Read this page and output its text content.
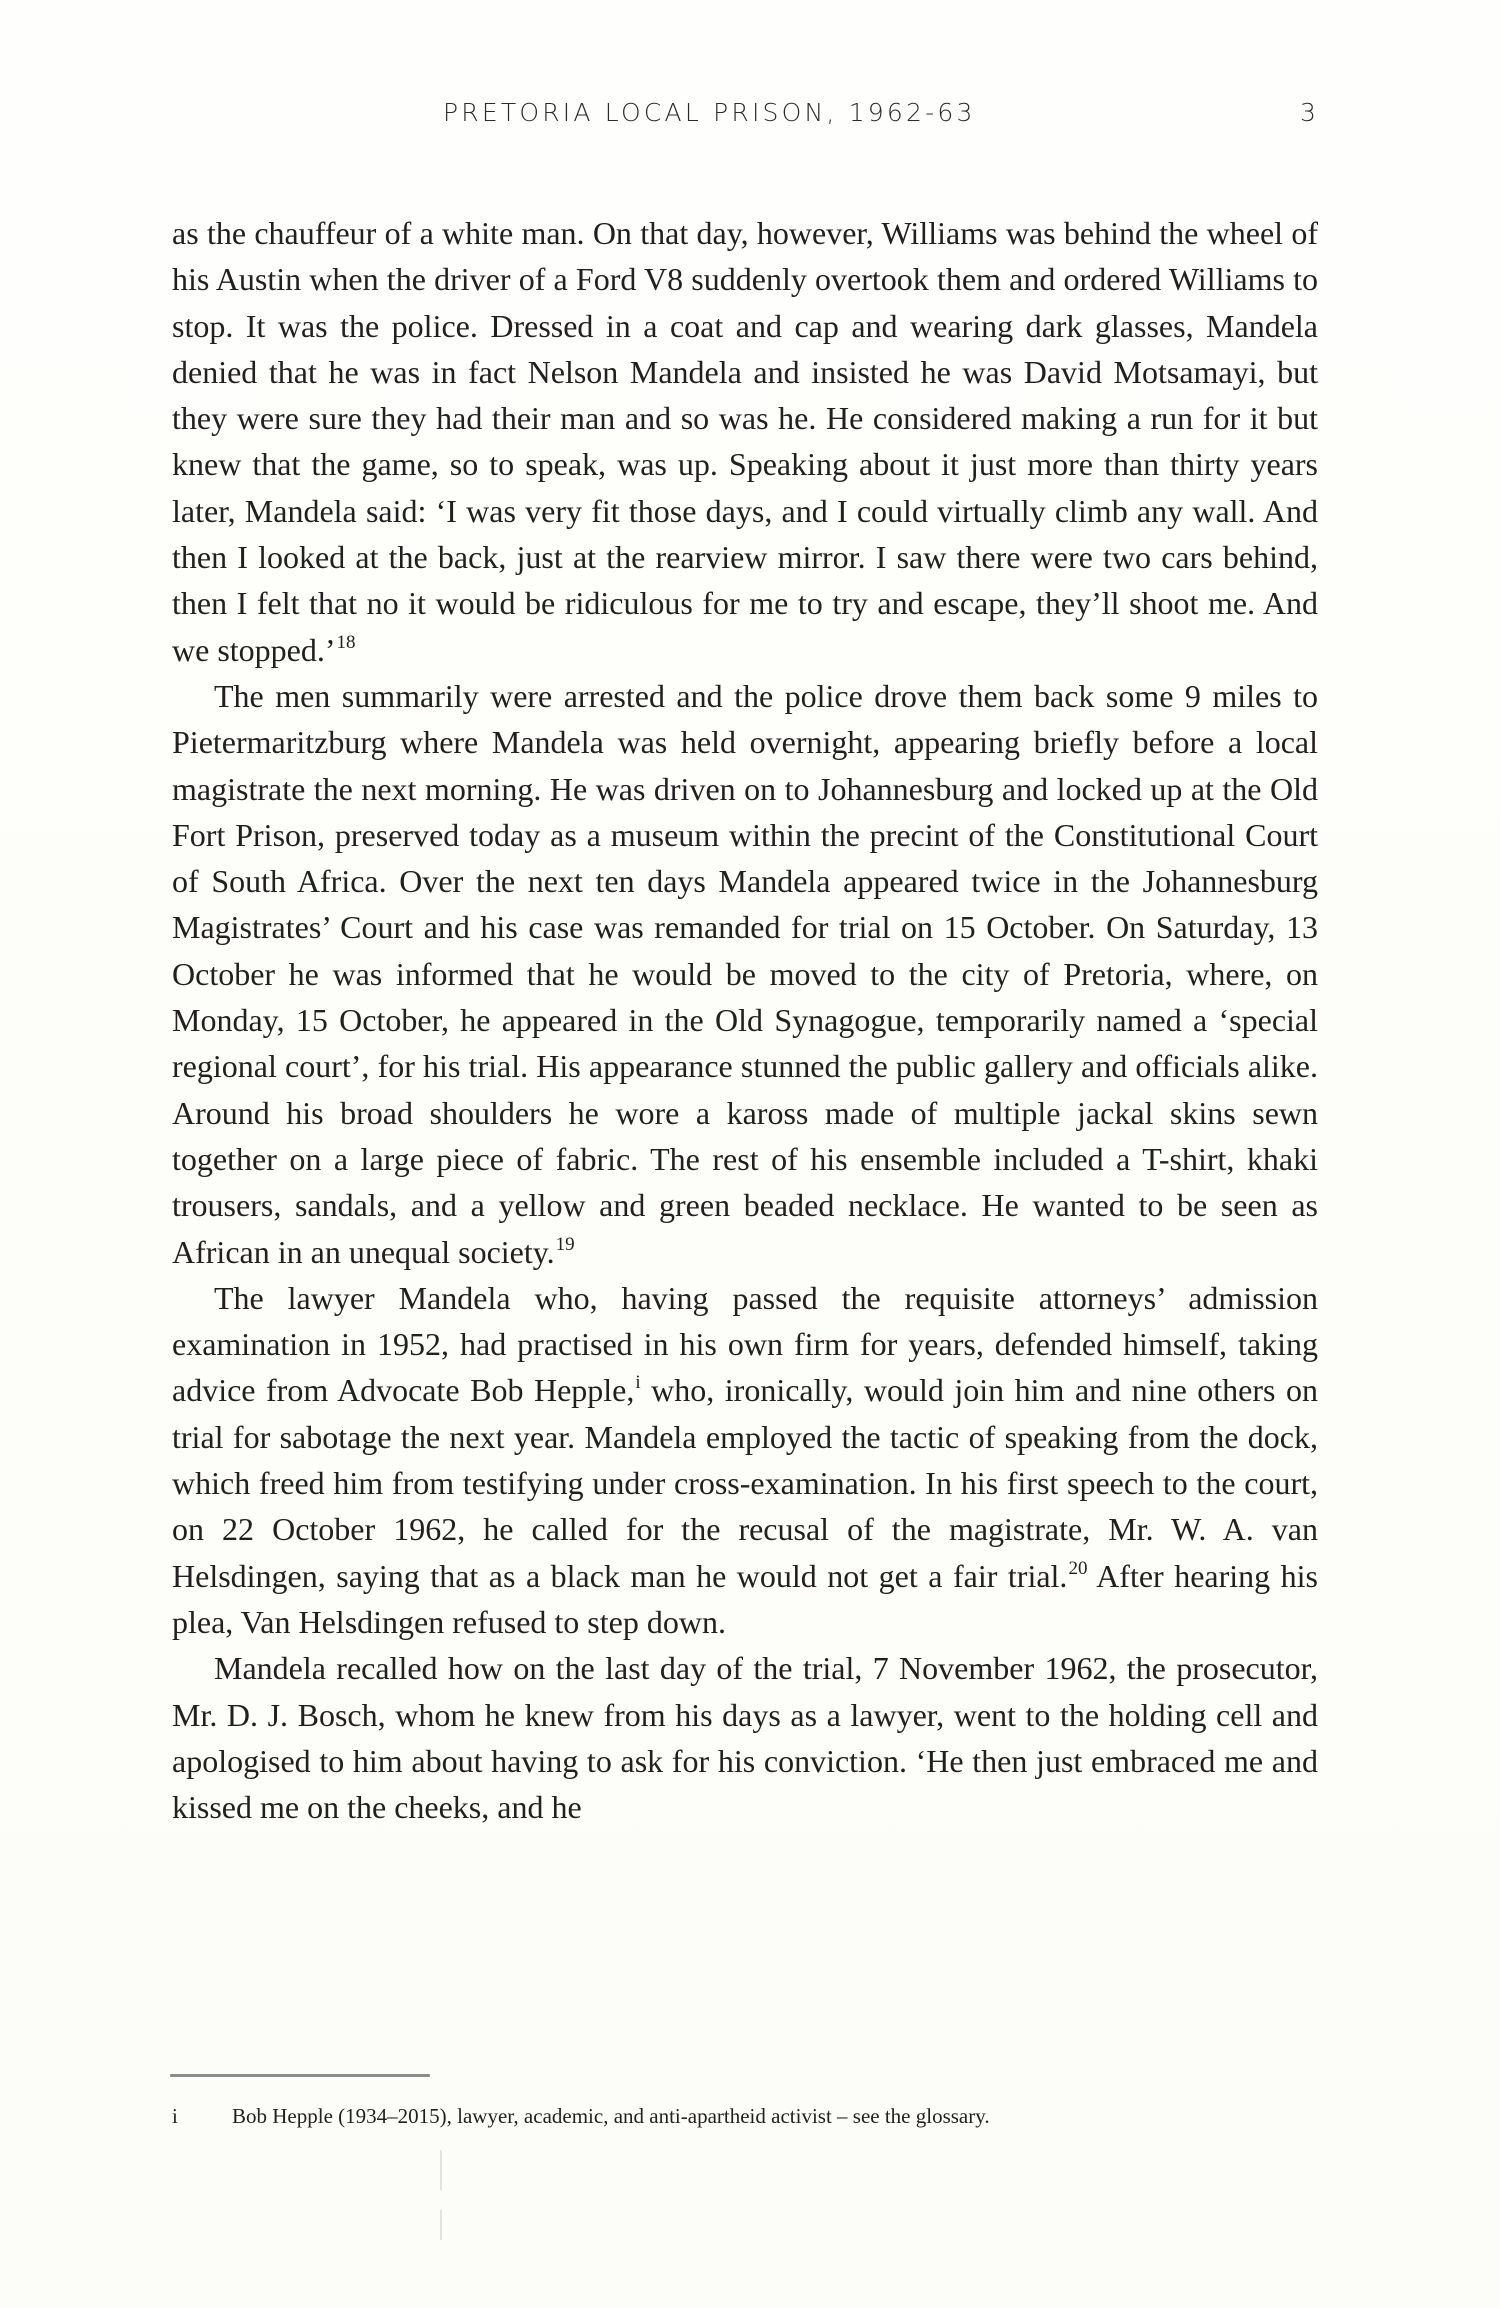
PRETORIA LOCAL PRISON, 1962-63	3

as the chauffeur of a white man. On that day, however, Williams was behind the wheel of his Austin when the driver of a Ford V8 suddenly overtook them and ordered Williams to stop. It was the police. Dressed in a coat and cap and wearing dark glasses, Mandela denied that he was in fact Nelson Mandela and insisted he was David Motsamayi, but they were sure they had their man and so was he. He considered making a run for it but knew that the game, so to speak, was up. Speaking about it just more than thirty years later, Mandela said: ‘I was very fit those days, and I could virtually climb any wall. And then I looked at the back, just at the rearview mirror. I saw there were two cars behind, then I felt that no it would be ridiculous for me to try and escape, they’ll shoot me. And we stopped.’$^{18}$

The men summarily were arrested and the police drove them back some 9 miles to Pietermaritzburg where Mandela was held overnight, appearing briefly before a local magistrate the next morning. He was driven on to Johannesburg and locked up at the Old Fort Prison, preserved today as a museum within the precint of the Constitutional Court of South Africa. Over the next ten days Mandela appeared twice in the Johannesburg Magistrates’ Court and his case was remanded for trial on 15 October. On Saturday, 13 October he was informed that he would be moved to the city of Pretoria, where, on Monday, 15 October, he appeared in the Old Synagogue, temporarily named a ‘special regional court’, for his trial. His appearance stunned the public gallery and officials alike. Around his broad shoulders he wore a kaross made of multiple jackal skins sewn together on a large piece of fabric. The rest of his ensemble included a T-shirt, khaki trousers, sandals, and a yellow and green beaded necklace. He wanted to be seen as African in an unequal society.$^{19}$

The lawyer Mandela who, having passed the requisite attorneys’ admission examination in 1952, had practised in his own firm for years, defended himself, taking advice from Advocate Bob Hepple,$^i$ who, ironically, would join him and nine others on trial for sabotage the next year. Mandela employed the tactic of speaking from the dock, which freed him from testifying under cross-examination. In his first speech to the court, on 22 October 1962, he called for the recusal of the magistrate, Mr. W. A. van Helsdingen, saying that as a black man he would not get a fair trial.$^{20}$ After hearing his plea, Van Helsdingen refused to step down.

Mandela recalled how on the last day of the trial, 7 November 1962, the prosecutor, Mr. D. J. Bosch, whom he knew from his days as a lawyer, went to the holding cell and apologised to him about having to ask for his conviction. ‘He then just embraced me and kissed me on the cheeks, and he

i	Bob Hepple (1934–2015), lawyer, academic, and anti-apartheid activist – see the glossary.
